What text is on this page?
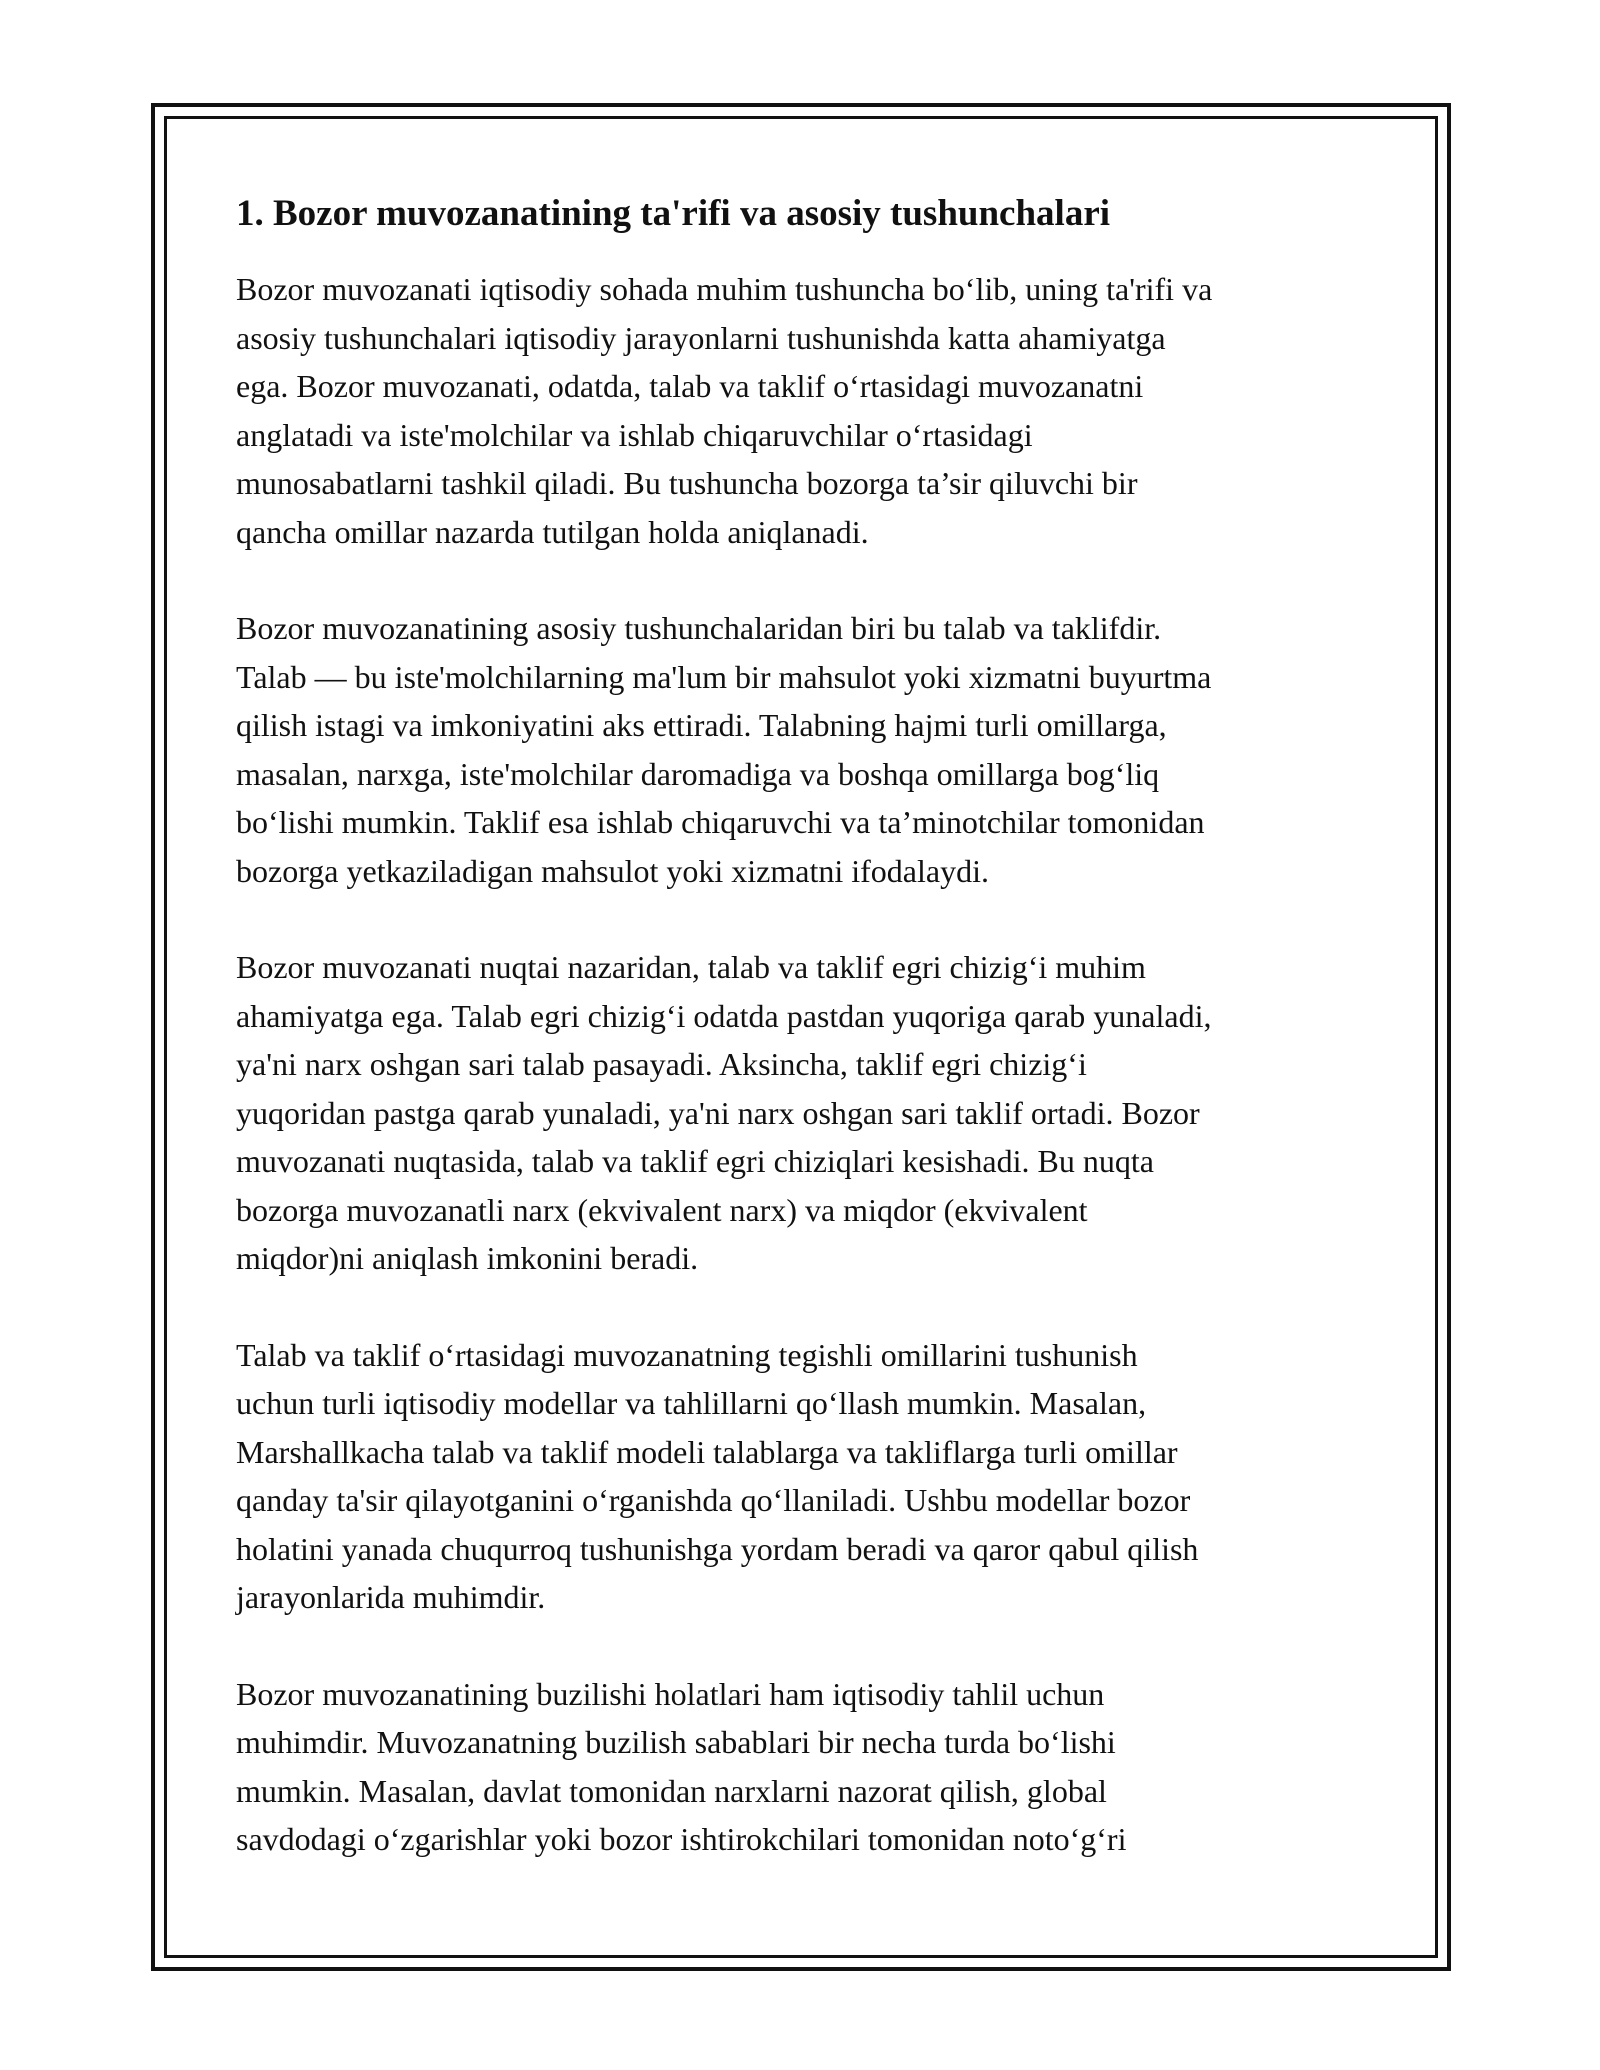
1. Bozor muvozanatining ta'rifi va asosiy tushunchalari

Bozor muvozanati iqtisodiy sohada muhim tushuncha bo‘lib, uning ta'rifi va
asosiy tushunchalari iqtisodiy jarayonlarni tushunishda katta ahamiyatga
ega. Bozor muvozanati, odatda, talab va taklif o‘rtasidagi muvozanatni
anglatadi va iste'molchilar va ishlab chiqaruvchilar o‘rtasidagi
munosabatlarni tashkil qiladi. Bu tushuncha bozorga ta’sir qiluvchi bir
qancha omillar nazarda tutilgan holda aniqlanadi.

Bozor muvozanatining asosiy tushunchalaridan biri bu talab va taklifdir.
Talab — bu iste'molchilarning ma'lum bir mahsulot yoki xizmatni buyurtma
qilish istagi va imkoniyatini aks ettiradi. Talabning hajmi turli omillarga,
masalan, narxga, iste'molchilar daromadiga va boshqa omillarga bog‘liq
bo‘lishi mumkin. Taklif esa ishlab chiqaruvchi va ta’minotchilar tomonidan
bozorga yetkaziladigan mahsulot yoki xizmatni ifodalaydi.

Bozor muvozanati nuqtai nazaridan, talab va taklif egri chizig‘i muhim
ahamiyatga ega. Talab egri chizig‘i odatda pastdan yuqoriga qarab yunaladi,
ya'ni narx oshgan sari talab pasayadi. Aksincha, taklif egri chizig‘i
yuqoridan pastga qarab yunaladi, ya'ni narx oshgan sari taklif ortadi. Bozor
muvozanati nuqtasida, talab va taklif egri chiziqlari kesishadi. Bu nuqta
bozorga muvozanatli narx (ekvivalent narx) va miqdor (ekvivalent
miqdor)ni aniqlash imkonini beradi.

Talab va taklif o‘rtasidagi muvozanatning tegishli omillarini tushunish
uchun turli iqtisodiy modellar va tahlillarni qo‘llash mumkin. Masalan,
Marshallkacha talab va taklif modeli talablarga va takliflarga turli omillar
qanday ta'sir qilayotganini o‘rganishda qo‘llaniladi. Ushbu modellar bozor
holatini yanada chuqurroq tushunishga yordam beradi va qaror qabul qilish
jarayonlarida muhimdir.

Bozor muvozanatining buzilishi holatlari ham iqtisodiy tahlil uchun
muhimdir. Muvozanatning buzilish sabablari bir necha turda bo‘lishi
mumkin. Masalan, davlat tomonidan narxlarni nazorat qilish, global
savdodagi o‘zgarishlar yoki bozor ishtirokchilari tomonidan noto‘g‘ri
